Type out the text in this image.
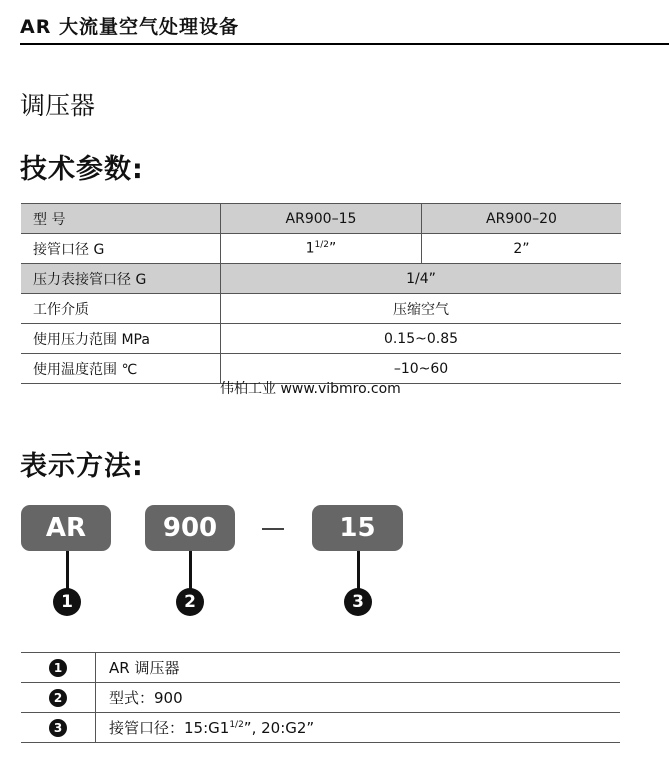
AR 大流量空气处理设备
调压器
技术参数:
型 号	AR900–15	AR900–20
接管口径 G	$1^{1/2}$”	2”
压力表接管口径 G	1/4”	
工作介质	压缩空气	
使用压力范围 MPa	0.15~0.85	
使用温度范围 ℃	–10~60	
伟柏工业 www.vibmro.com
表示方法:
AR	900	15
1	2	3
1	AR 调压器
2	型式：900
3	接管口径：$15:G1^{1/2}$”, 20:G2”
